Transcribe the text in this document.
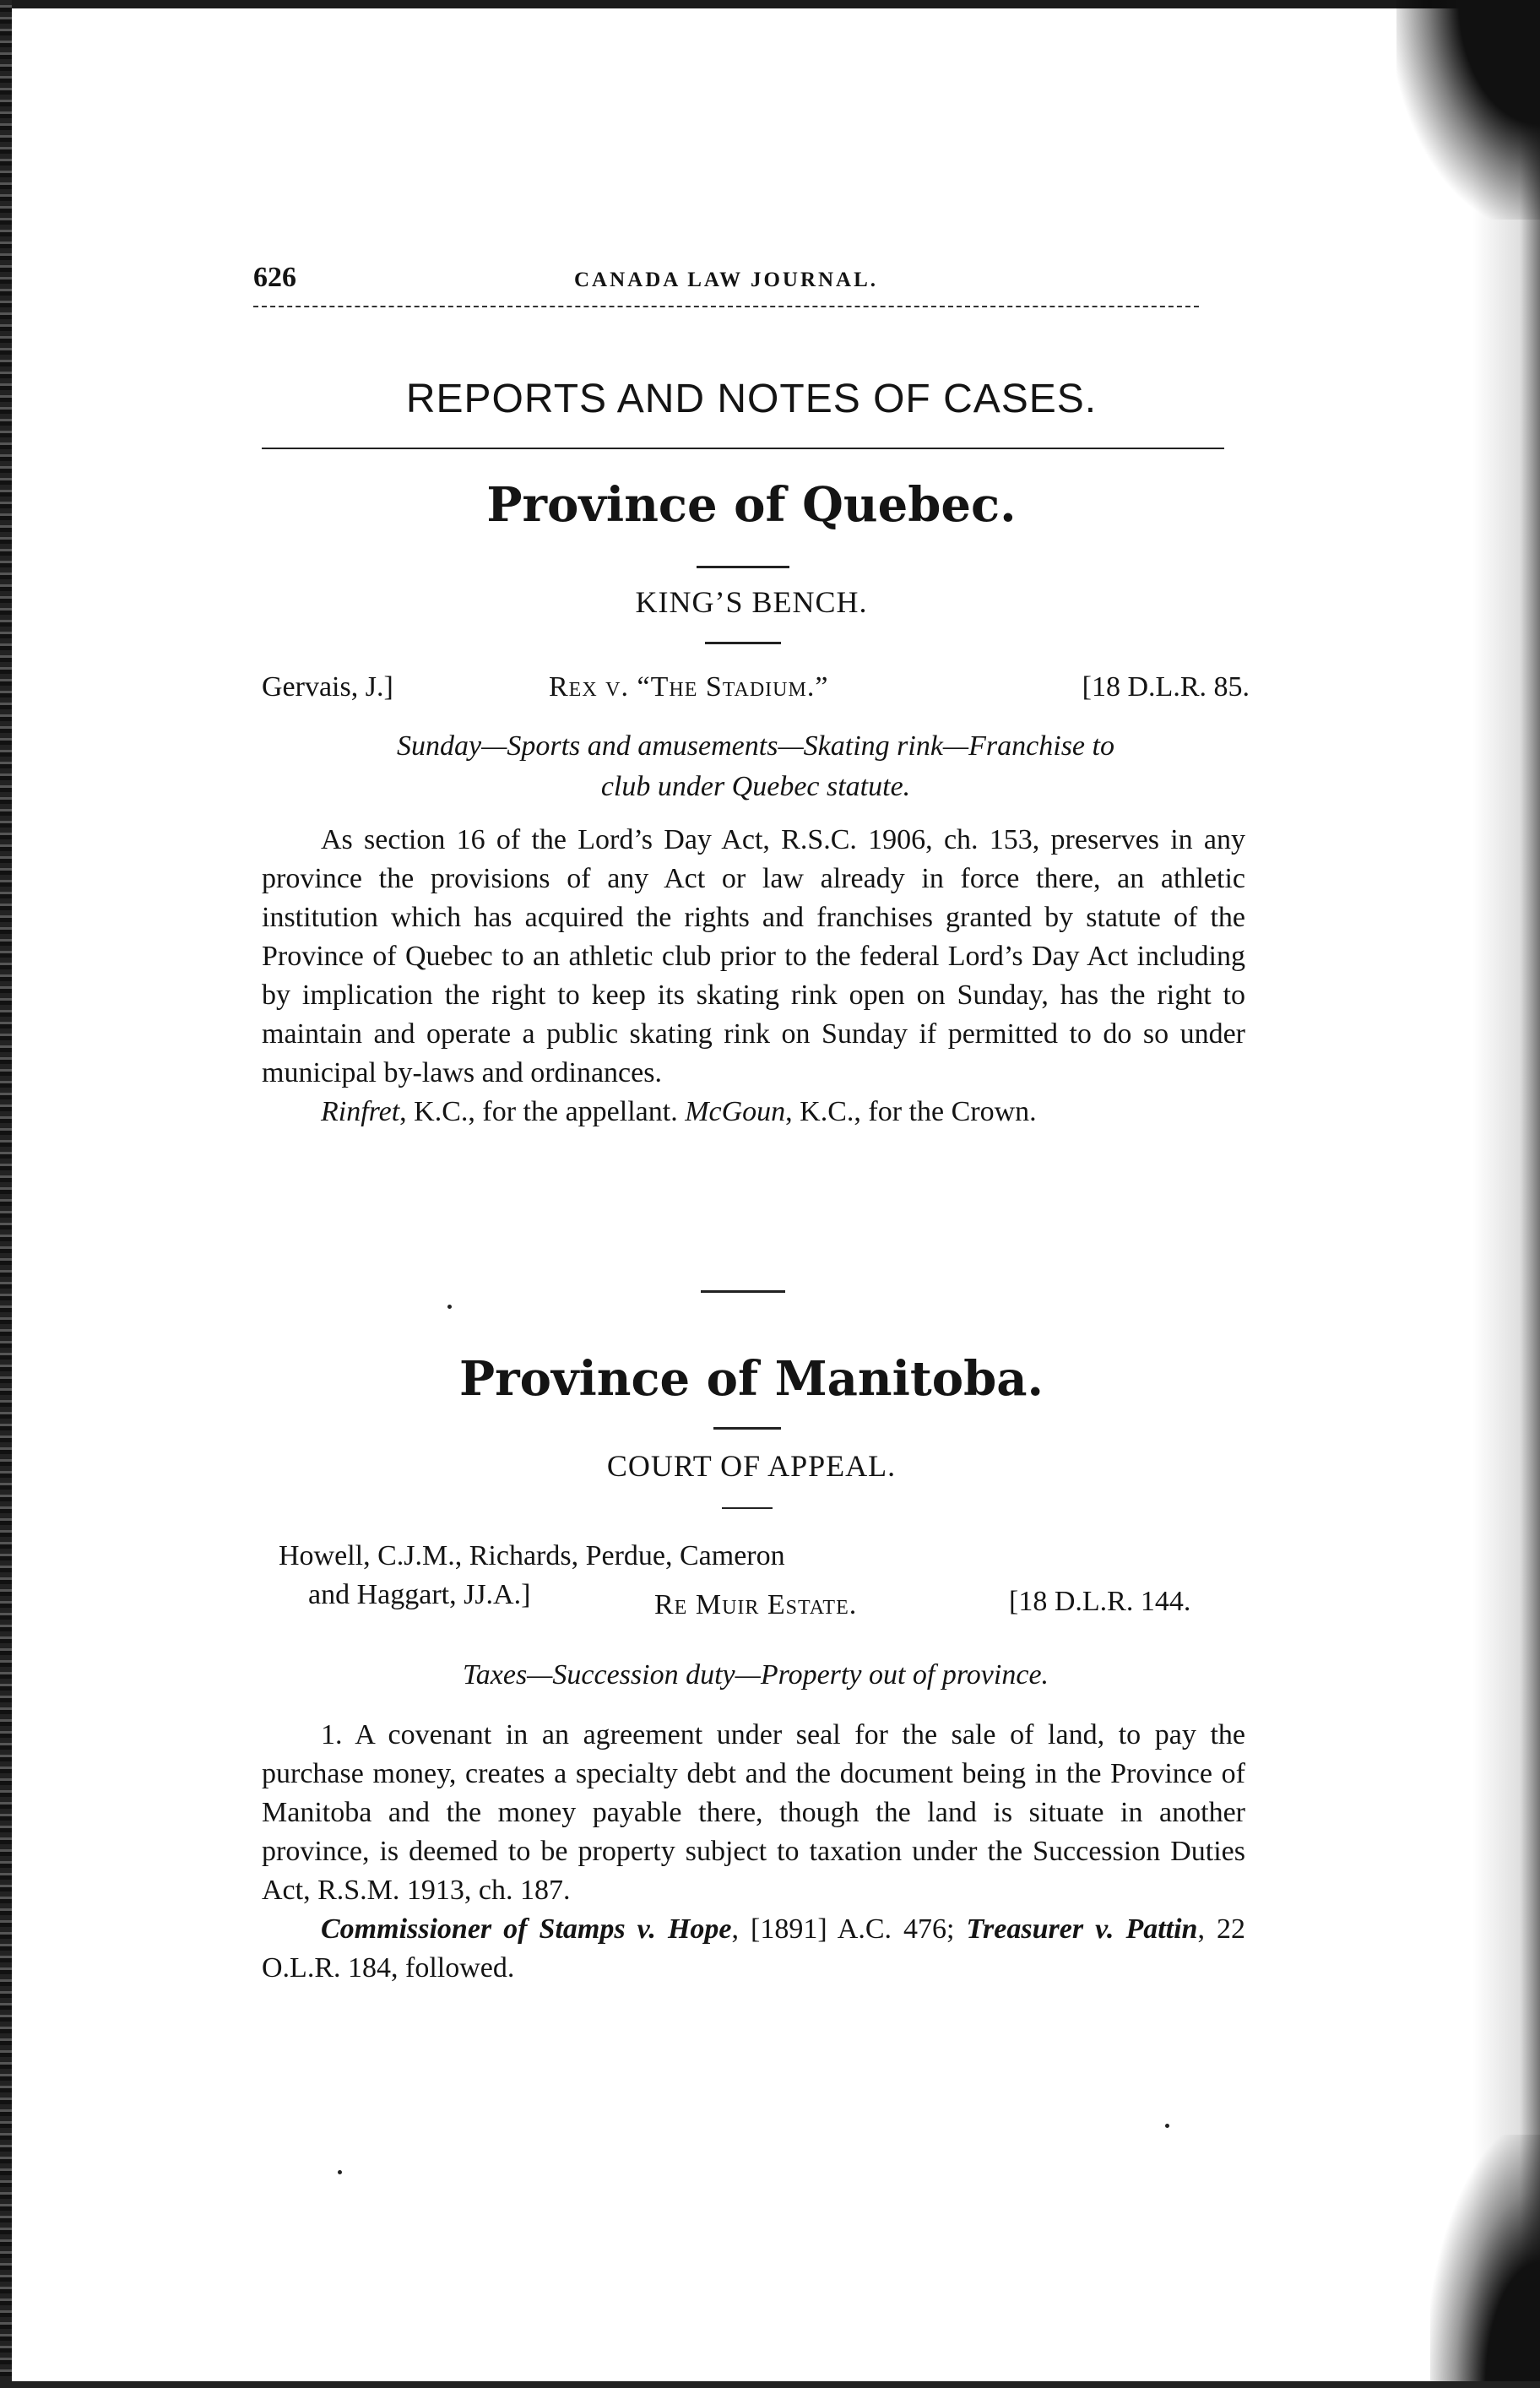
626	CANADA LAW JOURNAL.
REPORTS AND NOTES OF CASES.
Province of Quebec.
KING’S BENCH.
Gervais, J.]	Rex v. “The Stadium.”	[18 D.L.R. 85.
Sunday—Sports and amusements—Skating rink—Franchise to
club under Quebec statute.

As section 16 of the Lord’s Day Act, R.S.C. 1906, ch. 153, preserves in any province the provisions of any Act or law already in force there, an athletic institution which has acquired the rights and franchises granted by statute of the Province of Quebec to an athletic club prior to the federal Lord’s Day Act including by implication the right to keep its skating rink open on Sunday, has the right to maintain and operate a public skating rink on Sunday if permitted to do so under municipal by-laws and ordinances.

Rinfret, K.C., for the appellant. McGoun, K.C., for the Crown.

Province of Manitoba.
COURT OF APPEAL.
Howell, C.J.M., Richards, Perdue, Cameron
and Haggart, JJ.A.]	Re Muir Estate.	[18 D.L.R. 144.
Taxes—Succession duty—Property out of province.

1. A covenant in an agreement under seal for the sale of land, to pay the purchase money, creates a specialty debt and the document being in the Province of Manitoba and the money payable there, though the land is situate in another province, is deemed to be property subject to taxation under the Succession Duties Act, R.S.M. 1913, ch. 187.

Commissioner of Stamps v. Hope, [1891] A.C. 476; Treasurer v. Pattin, 22 O.L.R. 184, followed.
